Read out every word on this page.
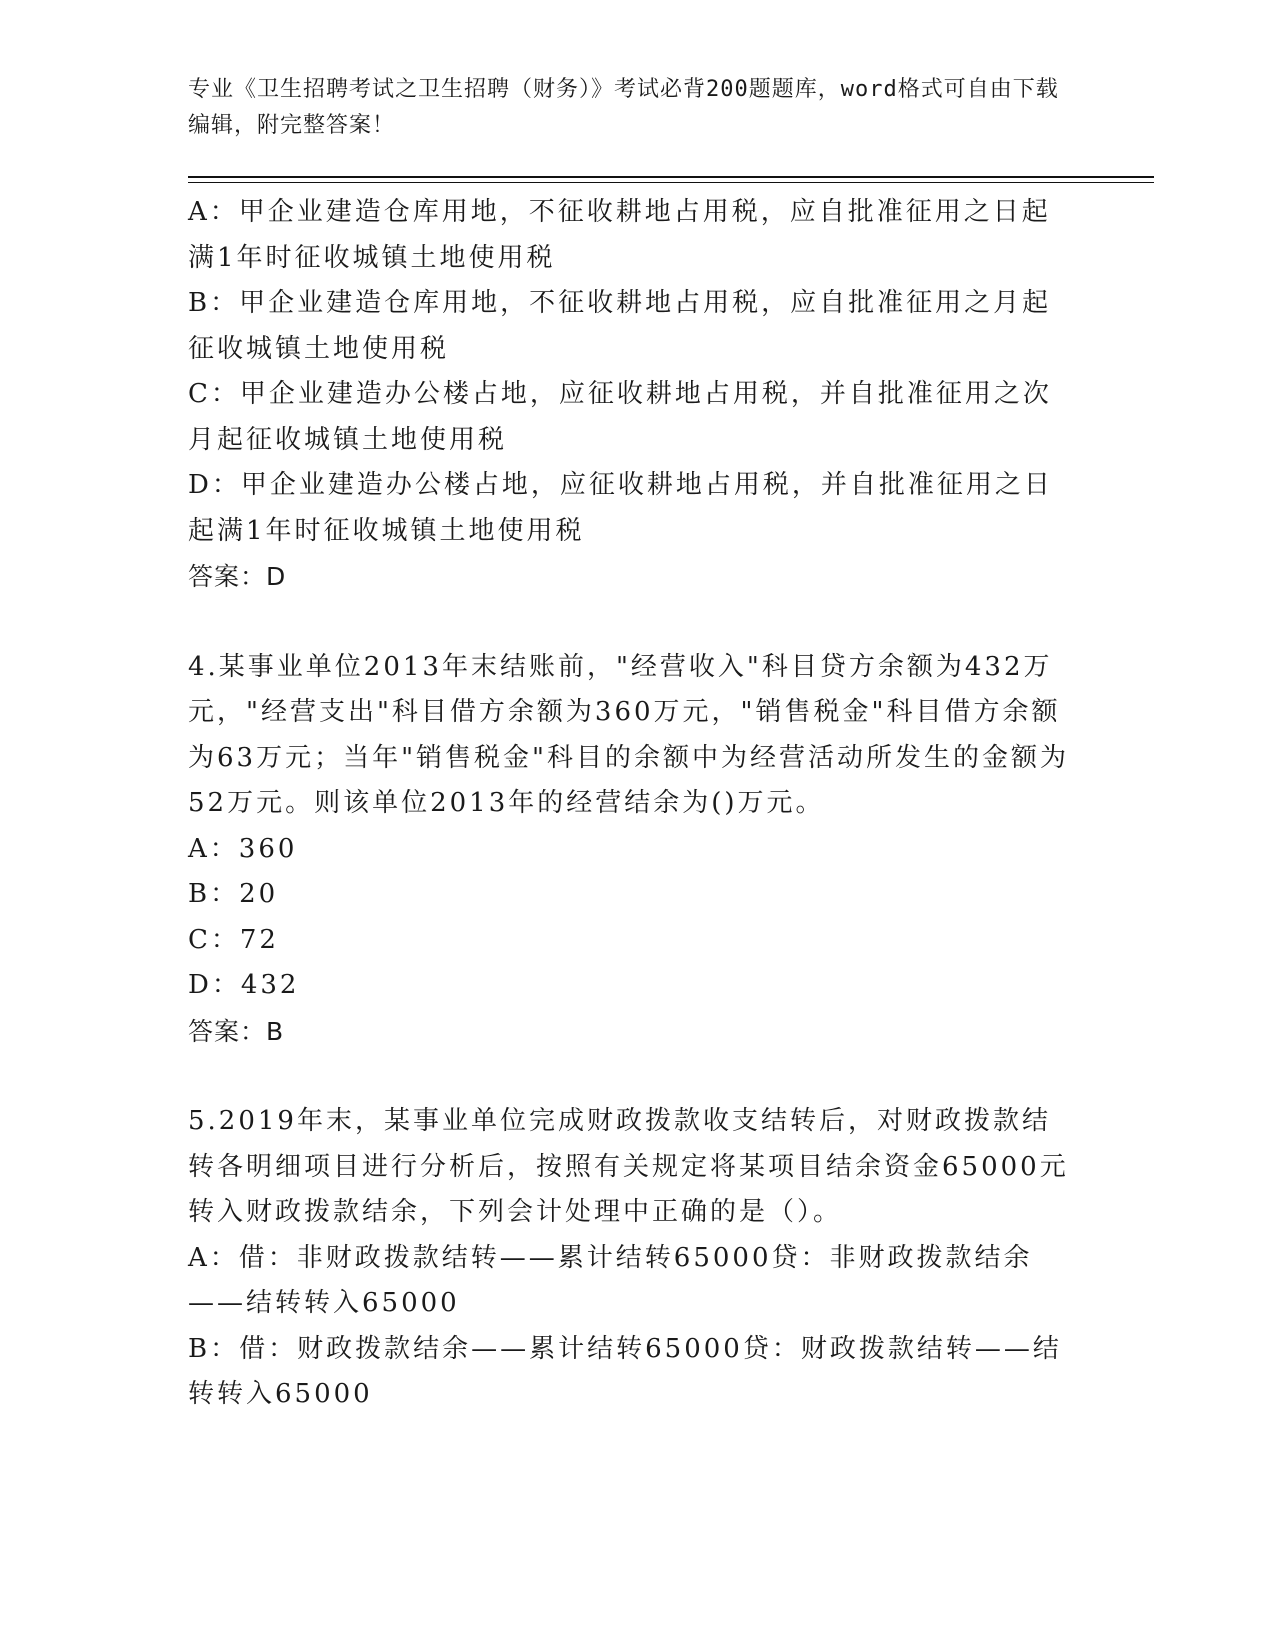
专业《卫生招聘考试之卫生招聘（财务）》考试必背200题题库，word格式可自由下载编辑，附完整答案！

A：甲企业建造仓库用地，不征收耕地占用税，应自批准征用之日起满1年时征收城镇土地使用税

B：甲企业建造仓库用地，不征收耕地占用税，应自批准征用之月起征收城镇土地使用税

C：甲企业建造办公楼占地，应征收耕地占用税，并自批准征用之次月起征收城镇土地使用税

D：甲企业建造办公楼占地，应征收耕地占用税，并自批准征用之日起满1年时征收城镇土地使用税

答案：D

4.某事业单位2013年末结账前，"经营收入"科目贷方余额为432万元，"经营支出"科目借方余额为360万元，"销售税金"科目借方余额为63万元；当年"销售税金"科目的余额中为经营活动所发生的金额为52万元。则该单位2013年的经营结余为()万元。

A：360

B：20

C：72

D：432

答案：B

5.2019年末，某事业单位完成财政拨款收支结转后，对财政拨款结转各明细项目进行分析后，按照有关规定将某项目结余资金65000元转入财政拨款结余，下列会计处理中正确的是（）。

A：借：非财政拨款结转——累计结转65000贷：非财政拨款结余——结转转入65000

B：借：财政拨款结余——累计结转65000贷：财政拨款结转——结转转入65000
